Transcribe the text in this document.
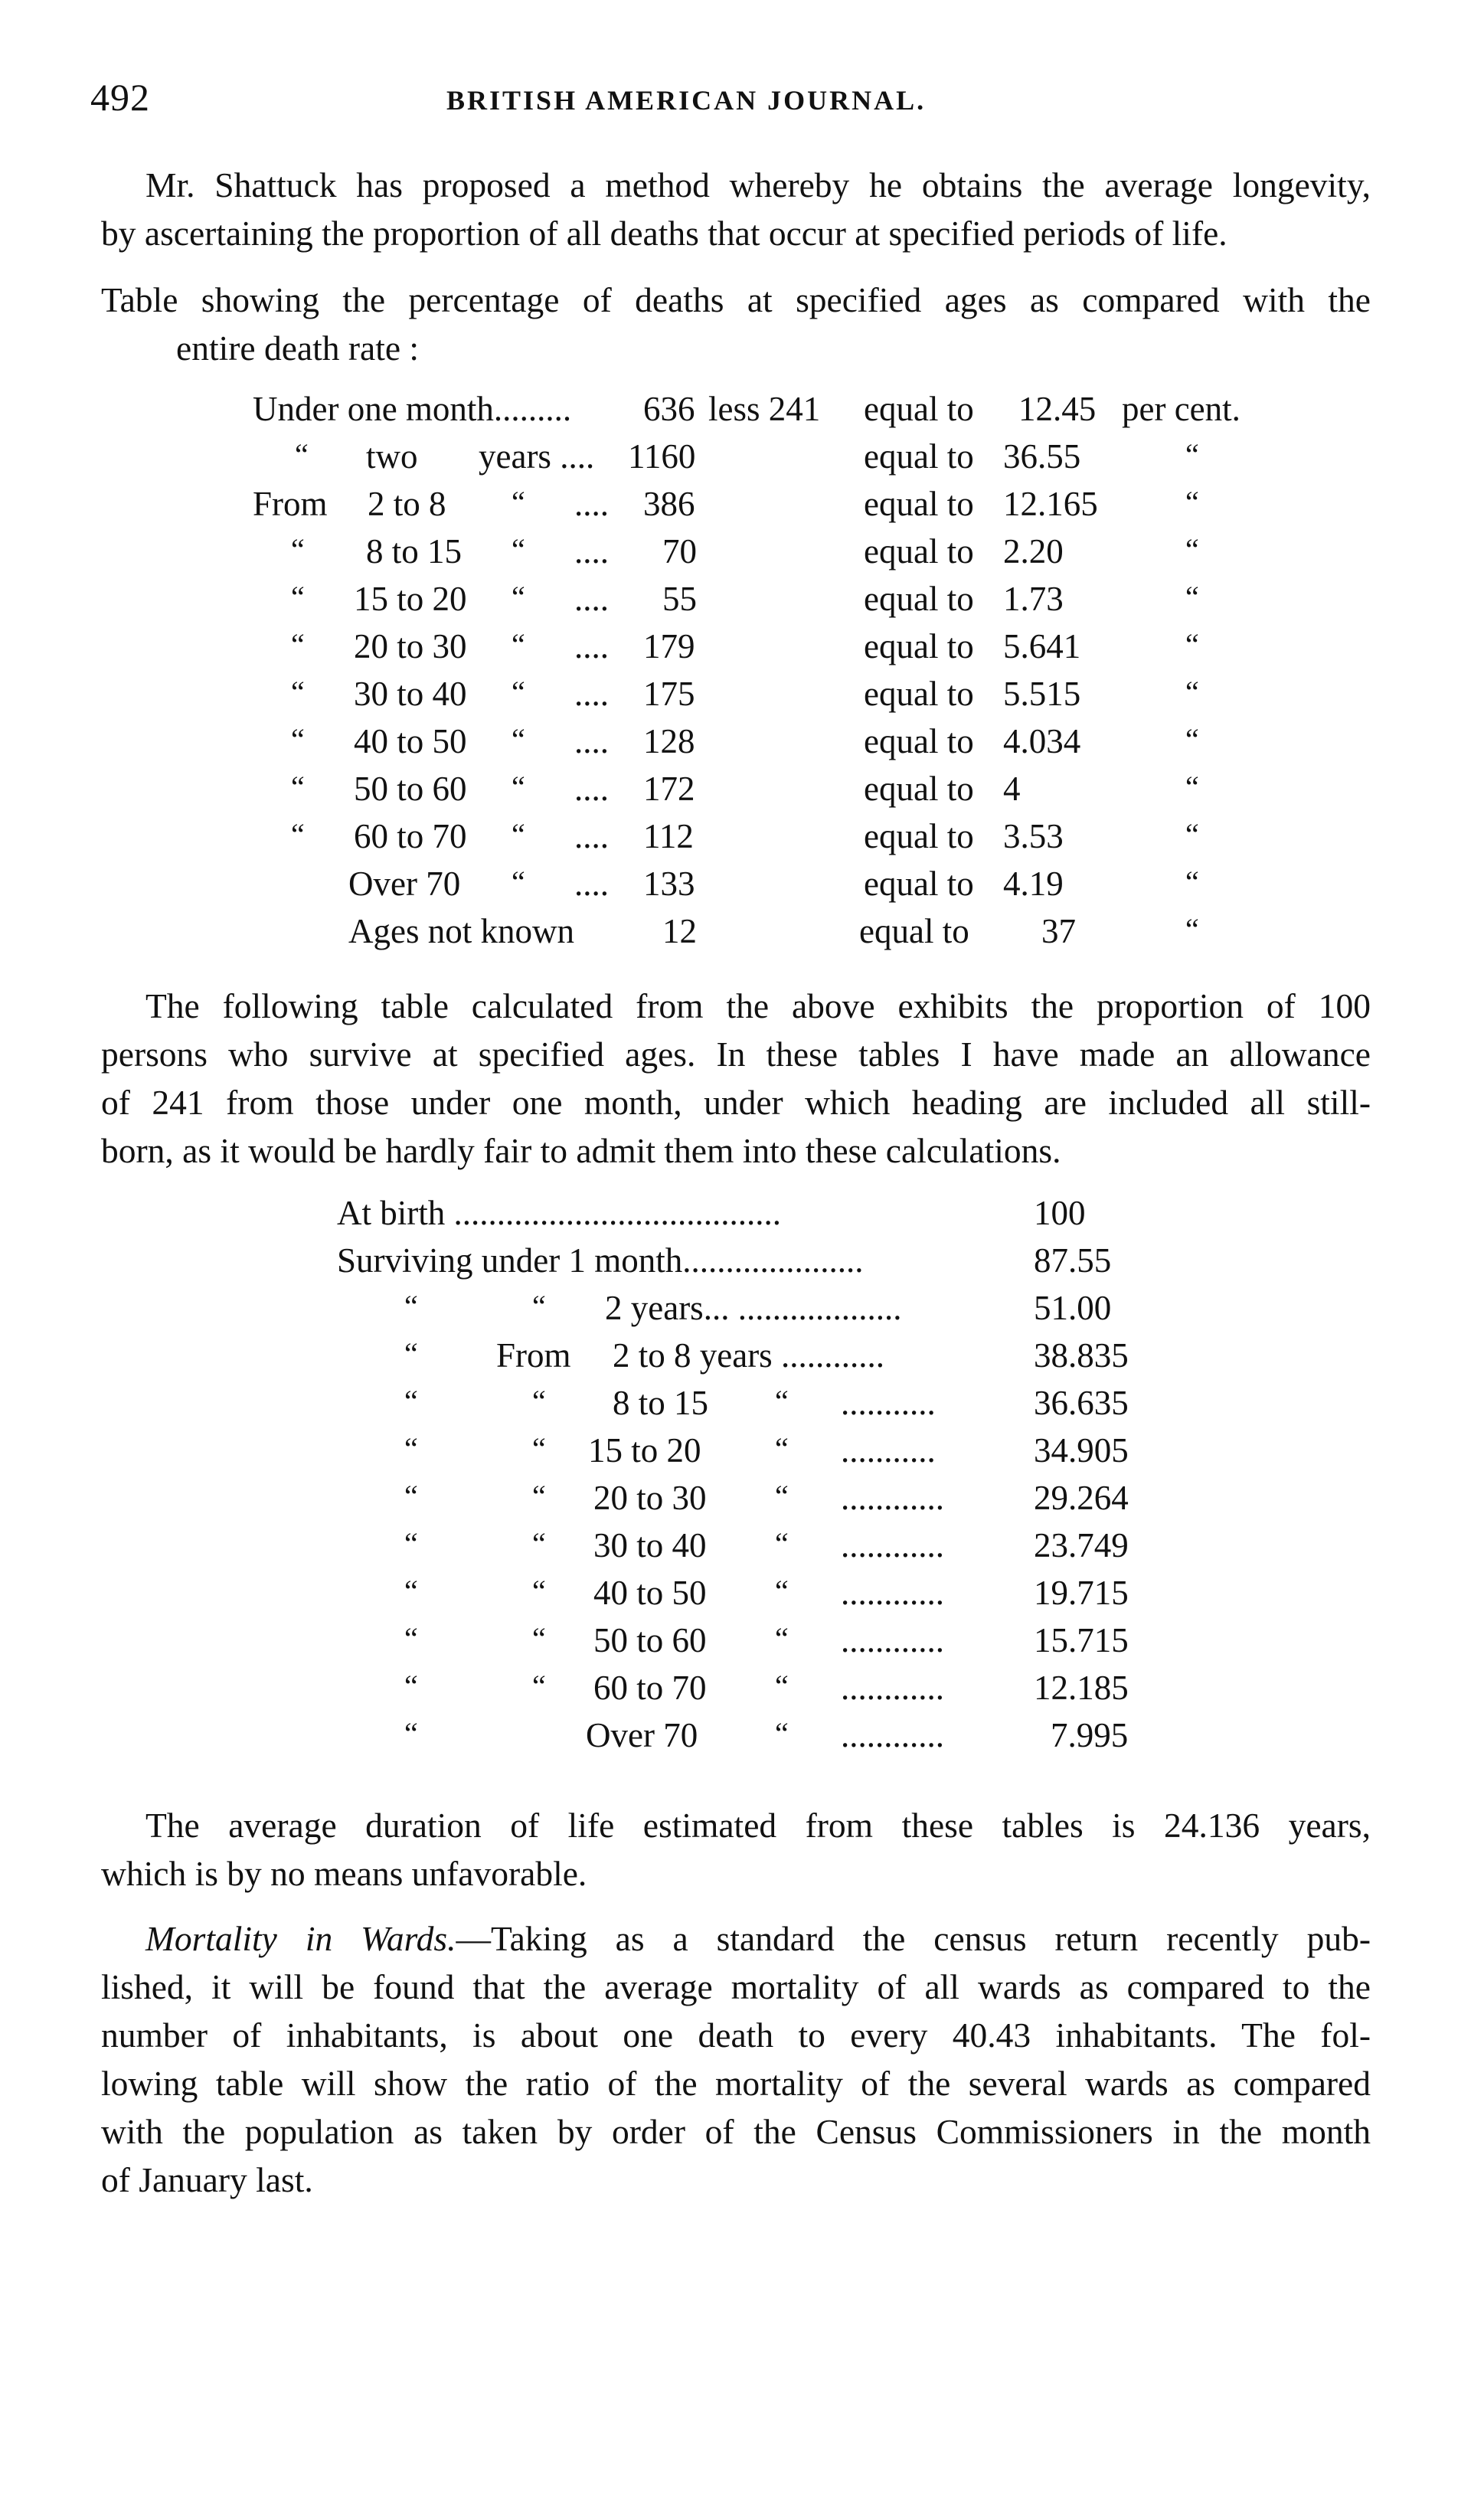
492	BRITISH AMERICAN JOURNAL.
Mr. Shattuck has proposed a method whereby he obtains the average longevity,
by ascertaining the proportion of all deaths that occur at specified periods of life.
Table showing the percentage of deaths at specified ages as compared with the
entire death rate :
Under one month......... 636 less 241 equal to 12.45 per cent.
“ two years .... 1160	equal to 36.55	“
From 2 to 8 “ .... 386	equal to 12.165	“
“ 8 to 15 “ .... 70	equal to 2.20	“
“ 15 to 20 “ .... 55	equal to 1.73	“
“ 20 to 30 “ .... 179	equal to 5.641	“
“ 30 to 40 “ .... 175	equal to 5.515	“
“ 40 to 50 “ .... 128	equal to 4.034	“
“ 50 to 60 “ .... 172	equal to 4	“
“ 60 to 70 “ .... 112	equal to 3.53	“
Over 70 “ .... 133	equal to 4.19	“
Ages not known	12	equal to 37	“
The following table calculated from the above exhibits the proportion of 100
persons who survive at specified ages. In these tables I have made an allowance
of 241 from those under one month, under which heading are included all still-
born, as it would be hardly fair to admit them into these calculations.
At birth ......................................	100
Surviving under 1 month.....................	87.55
“	“ 2 years... ...................	51.00
“ From 2 to 8 years ............	38.835
“	“ 8 to 15 “ ...........	36.635
“	“ 15 to 20 “ ...........	34.905
“	“ 20 to 30 “ ............	29.264
“	“ 30 to 40 “ ............	23.749
“	“ 40 to 50 “ ............	19.715
“	“ 50 to 60 “ ............	15.715
“	“ 60 to 70 “ ............	12.185
“	Over 70	“ ............	7.995
The average duration of life estimated from these tables is 24.136 years,
which is by no means unfavorable.
Mortality in Wards.—Taking as a standard the census return recently pub-
lished, it will be found that the average mortality of all wards as compared to the
number of inhabitants, is about one death to every 40.43 inhabitants. The fol-
lowing table will show the ratio of the mortality of the several wards as compared
with the population as taken by order of the Census Commissioners in the month
of January last.
